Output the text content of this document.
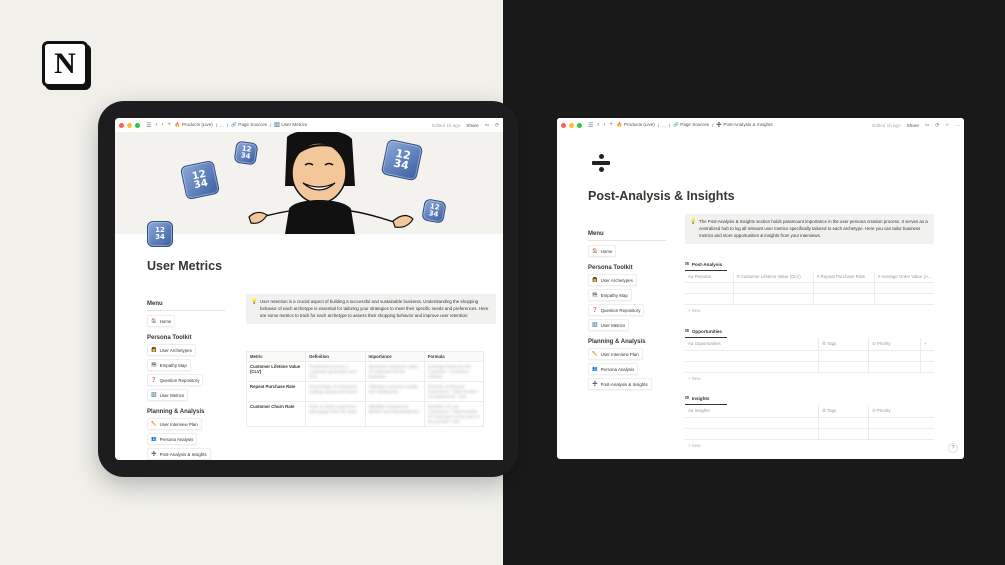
N
☰ ‹ › + 🔥 Products (Live) / ... / 🔗 Page Sources / 🔢 User Metrics	Edited 1h ago Share ▭ ◷
12
34
12
34	12
34
12
34
12
34
User Metrics
Menu
🏠 Home
Persona Toolkit
👩 User Archetypes
🗺 Empathy Map
❓ Question Repository
🔢 User Metrics
Planning & Analysis
✏️ User Interview Plan
👥 Persona Analysis
➗ Post-Analysis & Insights
💡 User retention is a crucial aspect of building a successful and sustainable business. Understanding the shopping behavior of each archetype is essential for tailoring your strategies to meet their specific needs and preferences. Here are some metrics to track for each archetype to assess their shopping behavior and improve user retention:
Metric	Definition	Importance	Formula
Customer Lifetime Value (CLV)	Predicted revenue a customer generates over time	Measures long-term value of customers to the business	(Average Revenue Per Customer * Customer Lifetime
Repeat Purchase Rate	Percentage of customers making repeat purchases	Indicates customer loyalty and satisfaction	(Number of Repeat Customers / Total Number of Customers) * 100
Customer Churn Rate	Rate at which customers disengage from the store	Identifies reasons for attrition and dissatisfaction	(Number of Lost Customers / Total Number of Customers at the start of the period) * 100
☰ ‹ › + 🔥 Products (Live) / ... / 🔗 Page Sources / ➗ Post-Analysis & Insights	Edited 1h ago Share ▭ ◷ ☆ ···
Post-Analysis & Insights
Menu
🏠 Home
Persona Toolkit
👩 User Archetypes
🗺 Empathy Map
❓ Question Repository
🔢 User Metrics
Planning & Analysis
✏️ User Interview Plan
👥 Persona Analysis
➗ Post-Analysis & Insights
💡 The Post-Analysis & Insights section holds paramount importance in the user persona creation process. It serves as a centralized hub to log all relevant user metrics specifically tailored to each archetype. Here you can tailor business metrics and store opportunities & insights from your interviews.
⊞ Post-Analysis
Aa Persona	# Customer Lifetime Value (CLV)	# Repeat Purchase Rate	# Average Order Value (A...
+ New
⊞ Opportunities
Aa Opportunities	☰ Tags	⊙ Priority	+
+ New
⊞ Insights
Aa Insights	☰ Tags	⊙ Priority
+ New	?
